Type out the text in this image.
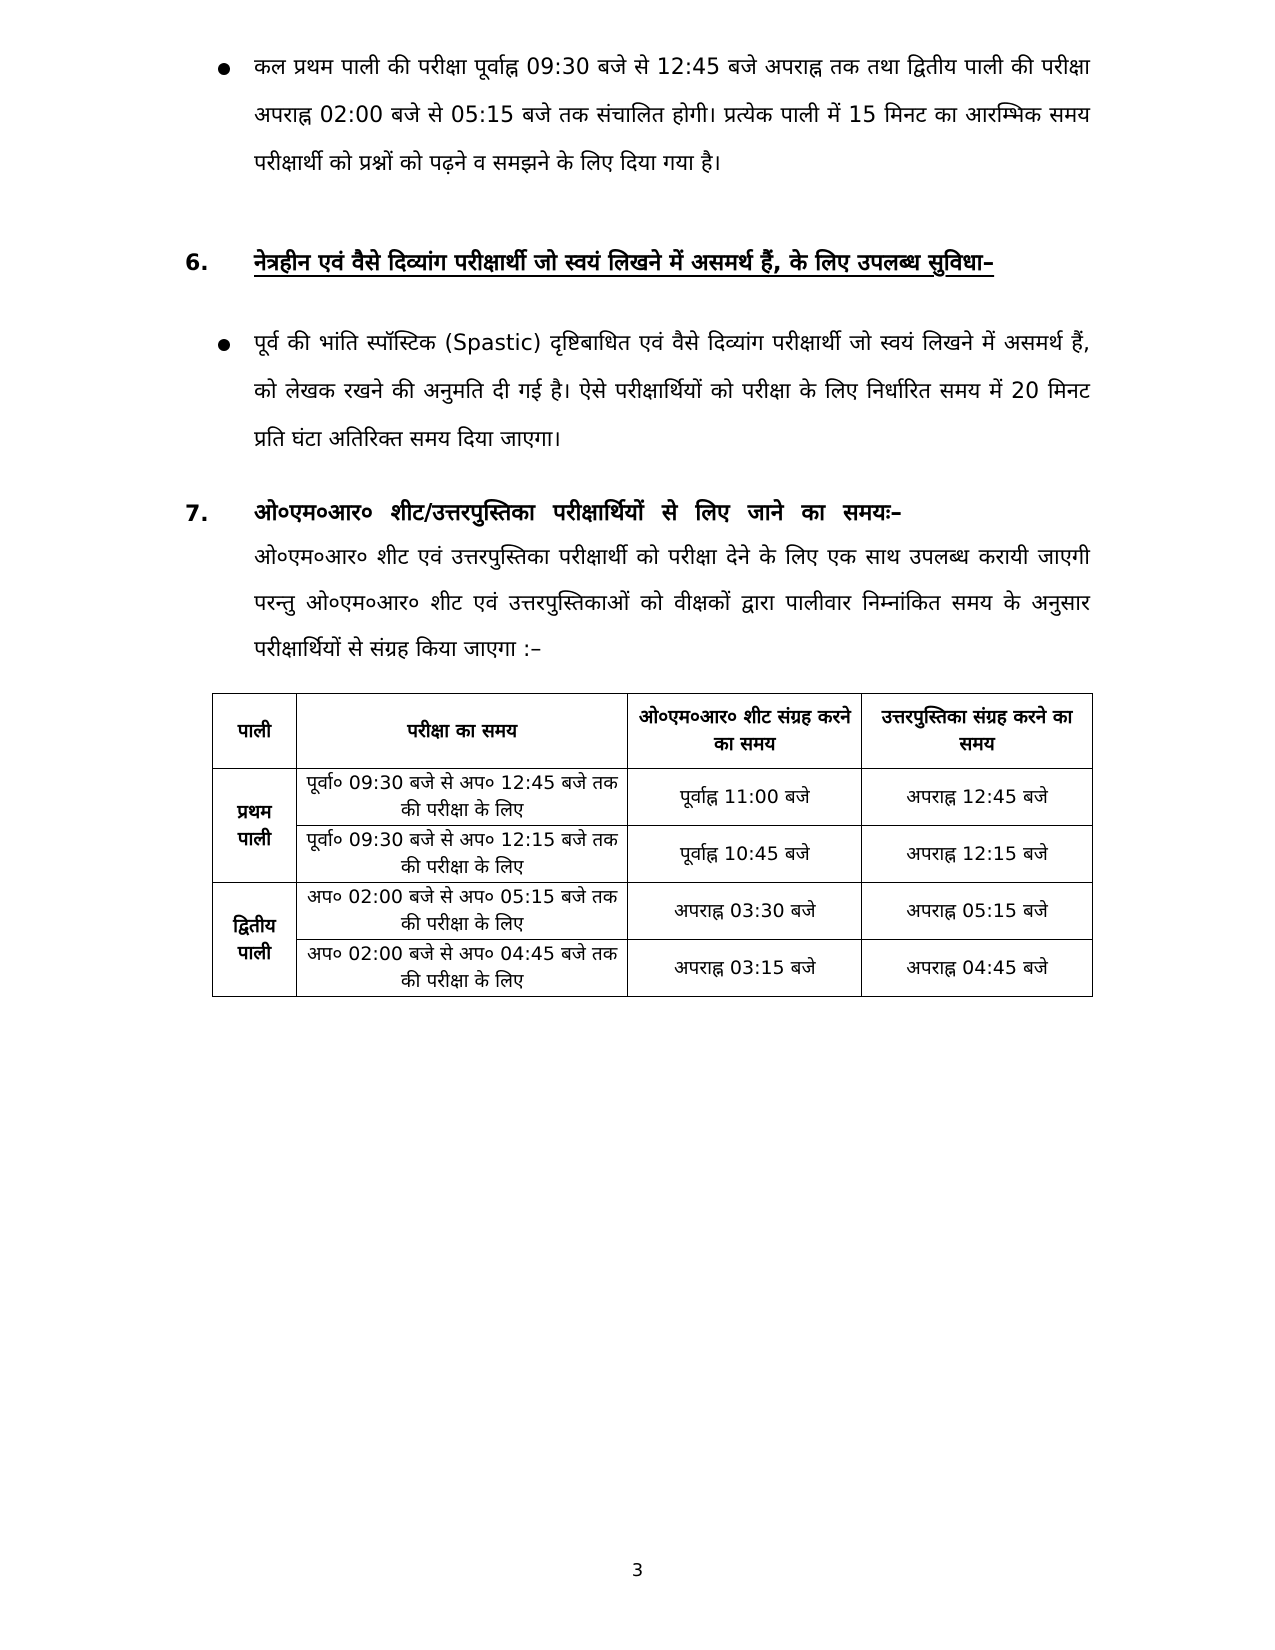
कल प्रथम पाली की परीक्षा पूर्वाह्न 09:30 बजे से 12:45 बजे अपराह्न तक तथा द्वितीय पाली की परीक्षा अपराह्न 02:00 बजे से 05:15 बजे तक संचालित होगी। प्रत्येक पाली में 15 मिनट का आरम्भिक समय परीक्षार्थी को प्रश्नों को पढ़ने व समझने के लिए दिया गया है।
6. नेत्रहीन एवं वैसे दिव्यांग परीक्षार्थी जो स्वयं लिखने में असमर्थ हैं, के लिए उपलब्ध सुविधा–
पूर्व की भांति स्पॉस्टिक (Spastic) दृष्टिबाधित एवं वैसे दिव्यांग परीक्षार्थी जो स्वयं लिखने में असमर्थ हैं, को लेखक रखने की अनुमति दी गई है। ऐसे परीक्षार्थियों को परीक्षा के लिए निर्धारित समय में 20 मिनट प्रति घंटा अतिरिक्त समय दिया जाएगा।
7. ओ०एम०आर० शीट/उत्तरपुस्तिका परीक्षार्थियों से लिए जाने का समयः–
ओ०एम०आर० शीट एवं उत्तरपुस्तिका परीक्षार्थी को परीक्षा देने के लिए एक साथ उपलब्ध करायी जाएगी परन्तु ओ०एम०आर० शीट एवं उत्तरपुस्तिकाओं को वीक्षकों द्वारा पालीवार निम्नांकित समय के अनुसार परीक्षार्थियों से संग्रह किया जाएगा :–
पाली	परीक्षा का समय	ओ०एम०आर० शीट संग्रह करने का समय	उत्तरपुस्तिका संग्रह करने का समय
प्रथम पाली	पूर्वा० 09:30 बजे से अप० 12:45 बजे तक की परीक्षा के लिए	पूर्वाह्न 11:00 बजे	अपराह्न 12:45 बजे
	पूर्वा० 09:30 बजे से अप० 12:15 बजे तक की परीक्षा के लिए	पूर्वाह्न 10:45 बजे	अपराह्न 12:15 बजे
द्वितीय पाली	अप० 02:00 बजे से अप० 05:15 बजे तक की परीक्षा के लिए	अपराह्न 03:30 बजे	अपराह्न 05:15 बजे
	अप० 02:00 बजे से अप० 04:45 बजे तक की परीक्षा के लिए	अपराह्न 03:15 बजे	अपराह्न 04:45 बजे
3
